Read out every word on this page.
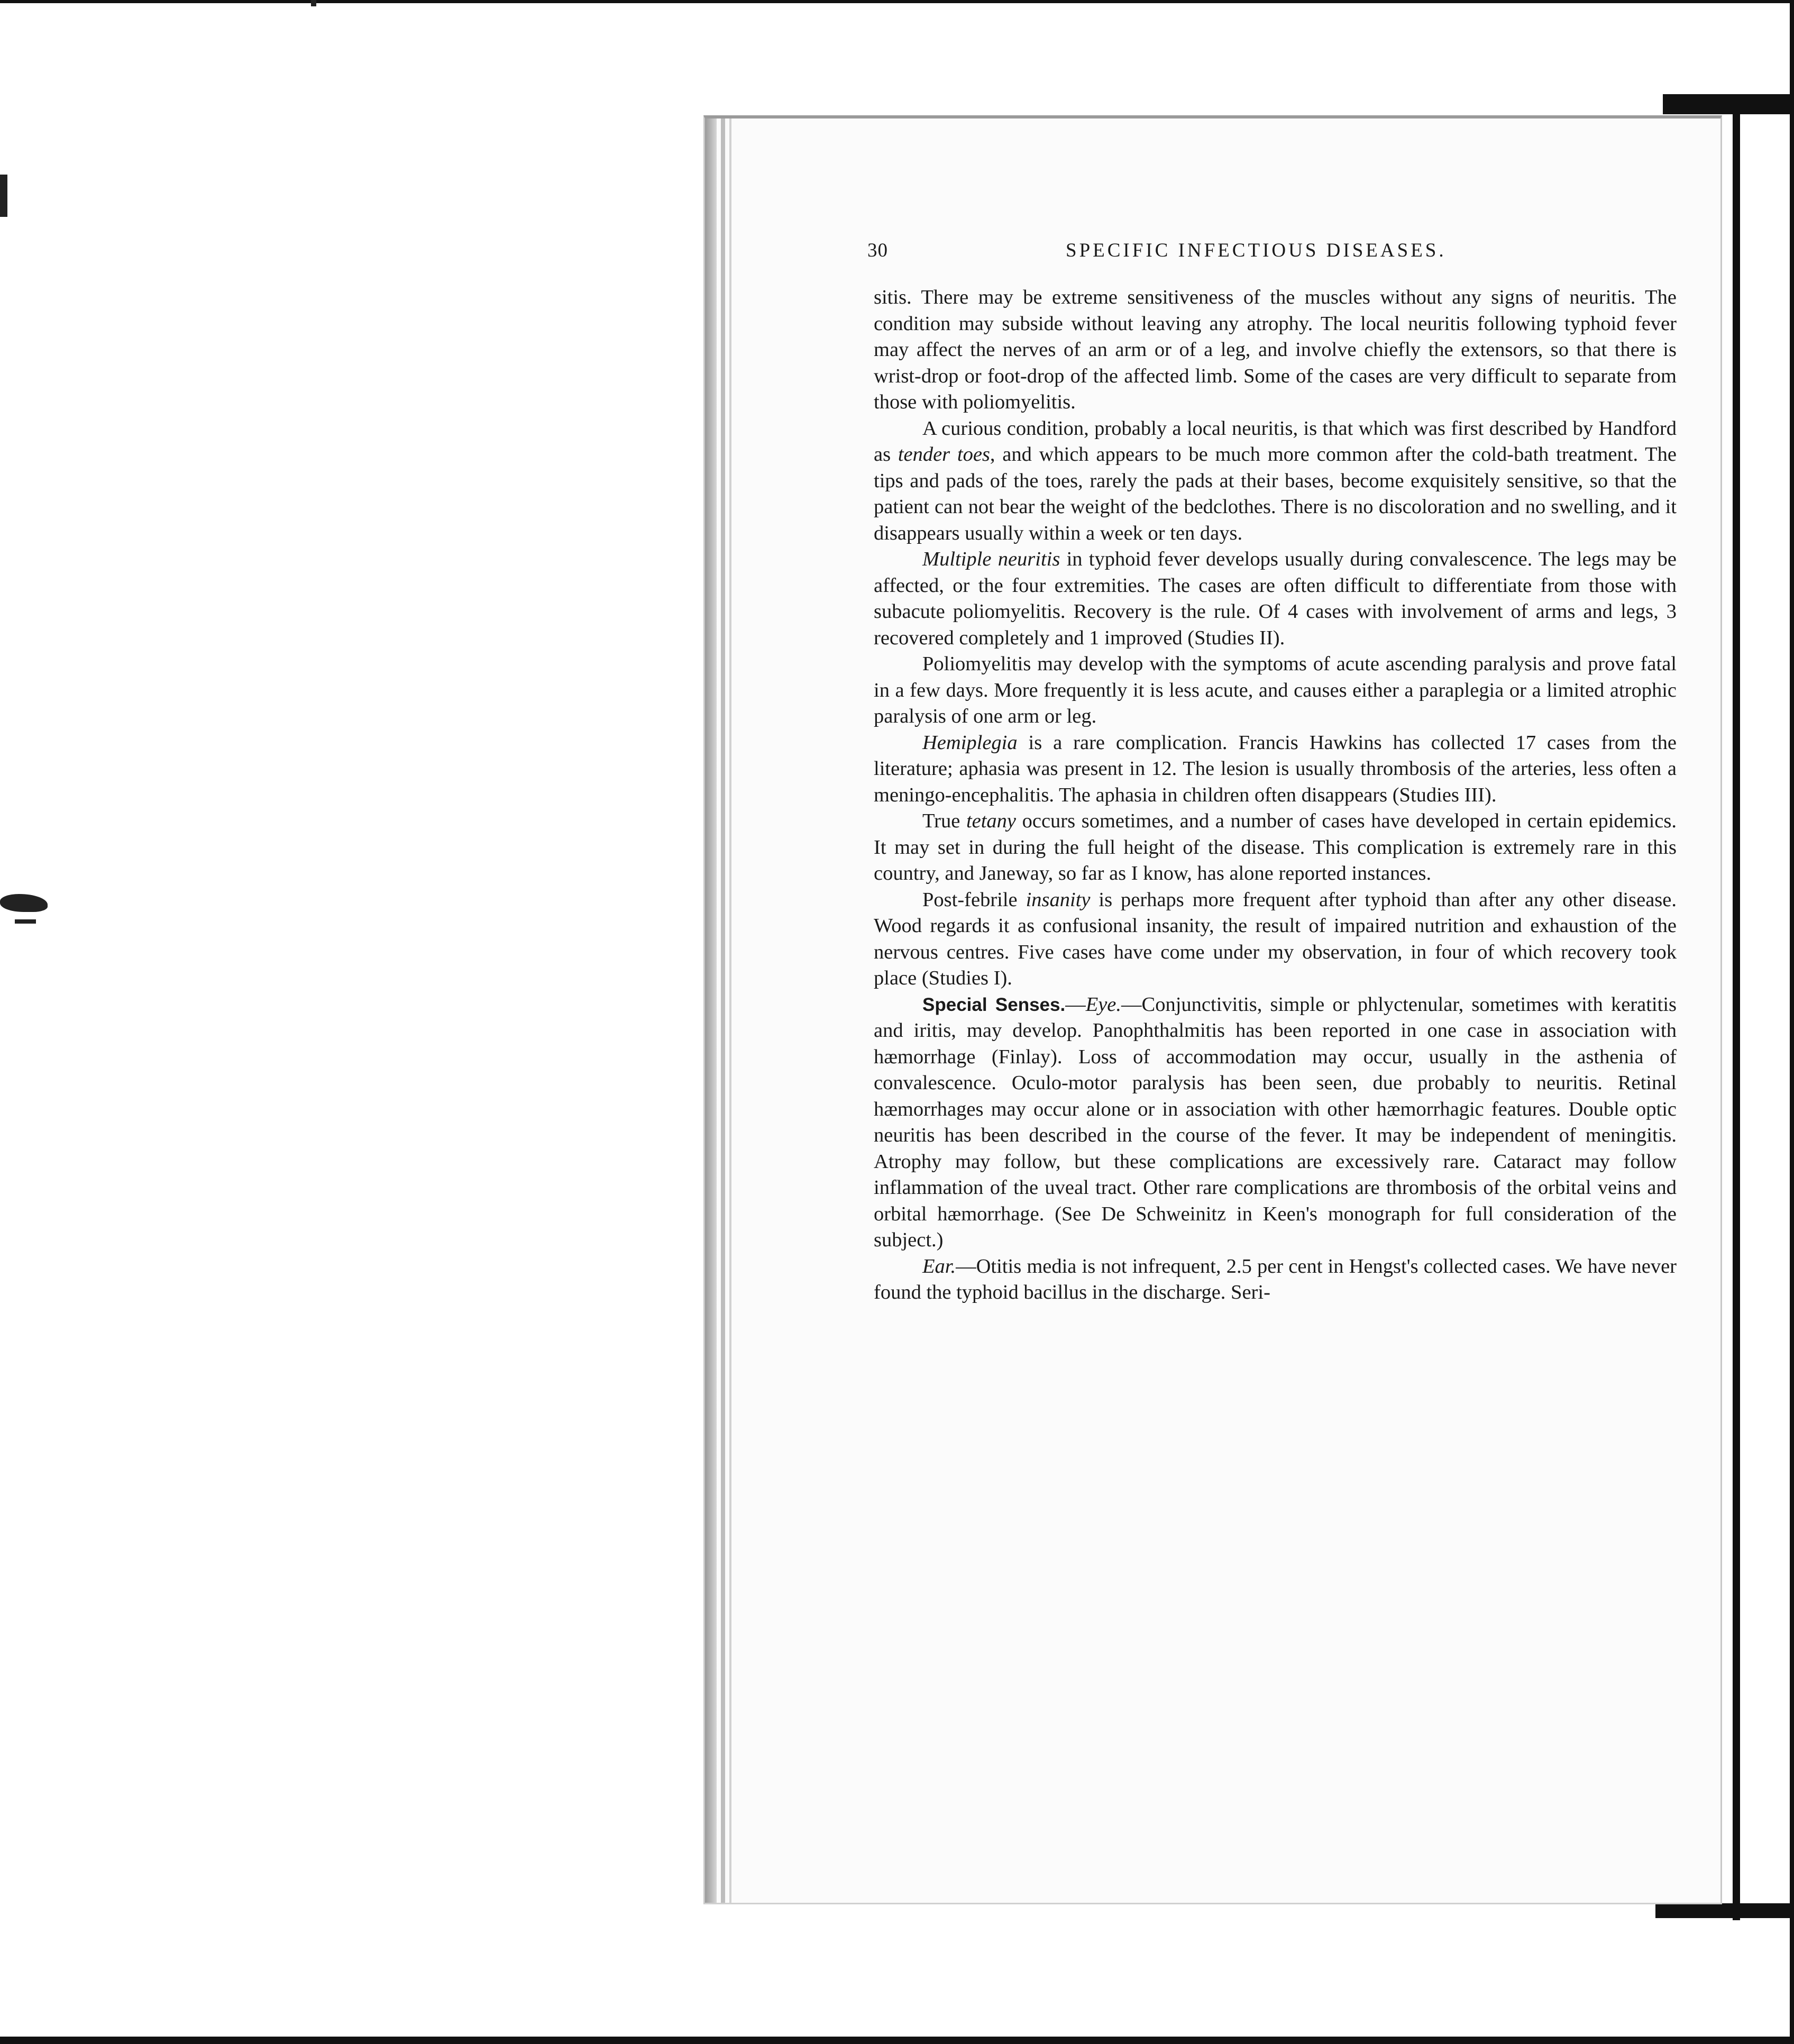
30	SPECIFIC INFECTIOUS DISEASES.

sitis. There may be extreme sensitiveness of the muscles without any signs of neuritis. The condition may subside without leaving any atrophy. The local neuritis following typhoid fever may affect the nerves of an arm or of a leg, and involve chiefly the extensors, so that there is wrist-drop or foot-drop of the affected limb. Some of the cases are very difficult to separate from those with poliomyelitis.

A curious condition, probably a local neuritis, is that which was first described by Handford as tender toes, and which appears to be much more common after the cold-bath treatment. The tips and pads of the toes, rarely the pads at their bases, become exquisitely sensitive, so that the patient can not bear the weight of the bedclothes. There is no discoloration and no swelling, and it disappears usually within a week or ten days.

Multiple neuritis in typhoid fever develops usually during convalescence. The legs may be affected, or the four extremities. The cases are often difficult to differentiate from those with subacute poliomyelitis. Recovery is the rule. Of 4 cases with involvement of arms and legs, 3 recovered completely and 1 improved (Studies II).

Poliomyelitis may develop with the symptoms of acute ascending paralysis and prove fatal in a few days. More frequently it is less acute, and causes either a paraplegia or a limited atrophic paralysis of one arm or leg.

Hemiplegia is a rare complication. Francis Hawkins has collected 17 cases from the literature; aphasia was present in 12. The lesion is usually thrombosis of the arteries, less often a meningo-encephalitis. The aphasia in children often disappears (Studies III).

True tetany occurs sometimes, and a number of cases have developed in certain epidemics. It may set in during the full height of the disease. This complication is extremely rare in this country, and Janeway, so far as I know, has alone reported instances.

Post-febrile insanity is perhaps more frequent after typhoid than after any other disease. Wood regards it as confusional insanity, the result of impaired nutrition and exhaustion of the nervous centres. Five cases have come under my observation, in four of which recovery took place (Studies I).

Special Senses.—Eye.—Conjunctivitis, simple or phlyctenular, sometimes with keratitis and iritis, may develop. Panophthalmitis has been reported in one case in association with hæmorrhage (Finlay). Loss of accommodation may occur, usually in the asthenia of convalescence. Oculo-motor paralysis has been seen, due probably to neuritis. Retinal hæmorrhages may occur alone or in association with other hæmorrhagic features. Double optic neuritis has been described in the course of the fever. It may be independent of meningitis. Atrophy may follow, but these complications are excessively rare. Cataract may follow inflammation of the uveal tract. Other rare complications are thrombosis of the orbital veins and orbital hæmorrhage. (See De Schweinitz in Keen's monograph for full consideration of the subject.)

Ear.—Otitis media is not infrequent, 2.5 per cent in Hengst's collected cases. We have never found the typhoid bacillus in the discharge. Seri-
